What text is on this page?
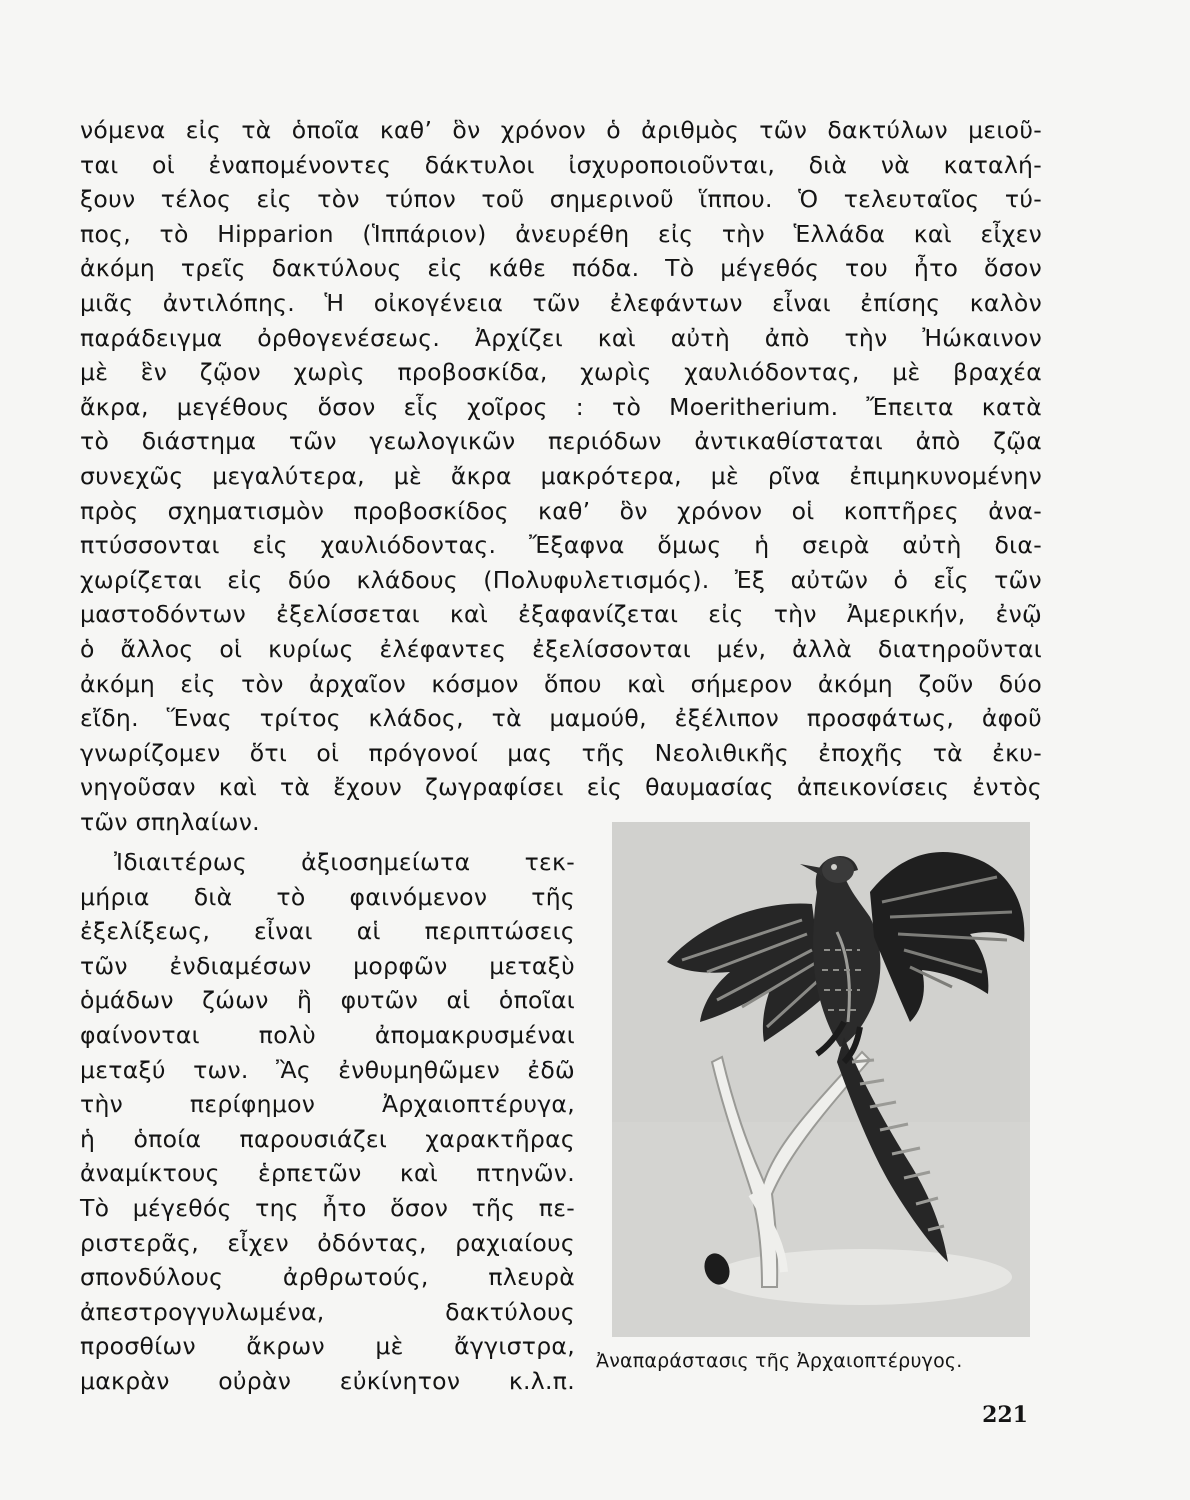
νόμενα εἰς τὰ ὁποῖα καθ’ ὃν χρόνον ὁ ἀριθμὸς τῶν δακτύλων μειοῦ-
ται οἱ ἐναπομένοντες δάκτυλοι ἰσχυροποιοῦνται, διὰ νὰ καταλή-
ξουν τέλος εἰς τὸν τύπον τοῦ σημερινοῦ ἵππου. Ὁ τελευταῖος τύ-
πος, τὸ Hipparion (Ἱππάριον) ἀνευρέθη εἰς τὴν Ἑλλάδα καὶ εἶχεν
ἀκόμη τρεῖς δακτύλους εἰς κάθε πόδα. Τὸ μέγεθός του ἦτο ὅσον
μιᾶς ἀντιλόπης. Ἡ οἰκογένεια τῶν ἐλεφάντων εἶναι ἐπίσης καλὸν
παράδειγμα ὀρθογενέσεως. Ἀρχίζει καὶ αὐτὴ ἀπὸ τὴν Ἠώκαινον
μὲ ἓν ζῷον χωρὶς προβοσκίδα, χωρὶς χαυλιόδοντας, μὲ βραχέα
ἄκρα, μεγέθους ὅσον εἷς χοῖρος : τὸ Moeritherium. Ἔπειτα κατὰ
τὸ διάστημα τῶν γεωλογικῶν περιόδων ἀντικαθίσταται ἀπὸ ζῷα
συνεχῶς μεγαλύτερα, μὲ ἄκρα μακρότερα, μὲ ρῖνα ἐπιμηκυνομένην
πρὸς σχηματισμὸν προβοσκίδος καθ’ ὃν χρόνον οἱ κοπτῆρες ἀνα-
πτύσσονται εἰς χαυλιόδοντας. Ἔξαφνα ὅμως ἡ σειρὰ αὐτὴ δια-
χωρίζεται εἰς δύο κλάδους (Πολυφυλετισμός). Ἐξ αὐτῶν ὁ εἷς τῶν
μαστοδόντων ἐξελίσσεται καὶ ἐξαφανίζεται εἰς τὴν Ἀμερικήν, ἐνῷ
ὁ ἄλλος οἱ κυρίως ἐλέφαντες ἐξελίσσονται μέν, ἀλλὰ διατηροῦνται
ἀκόμη εἰς τὸν ἀρχαῖον κόσμον ὅπου καὶ σήμερον ἀκόμη ζοῦν δύο
εἴδη. Ἕνας τρίτος κλάδος, τὰ μαμούθ, ἐξέλιπον προσφάτως, ἀφοῦ
γνωρίζομεν ὅτι οἱ πρόγονοί μας τῆς Νεολιθικῆς ἐποχῆς τὰ ἐκυ-
νηγοῦσαν καὶ τὰ ἔχουν ζωγραφίσει εἰς θαυμασίας ἀπεικονίσεις ἐντὸς
τῶν σπηλαίων.
Ἰδιαιτέρως ἀξιοσημείωτα τεκ-
μήρια διὰ τὸ φαινόμενον τῆς
ἐξελίξεως, εἶναι αἱ περιπτώσεις
τῶν ἐνδιαμέσων μορφῶν μεταξὺ
ὁμάδων ζώων ἢ φυτῶν αἱ ὁποῖαι
φαίνονται πολὺ ἀπομακρυσμέναι
μεταξύ των. Ἂς ἐνθυμηθῶμεν ἐδῶ
τὴν περίφημον Ἀρχαιοπτέρυγα,
ἡ ὁποία παρουσιάζει χαρακτῆρας
ἀναμίκτους ἑρπετῶν καὶ πτηνῶν.
Τὸ μέγεθός της ἦτο ὅσον τῆς πε-
ριστερᾶς, εἶχεν ὀδόντας, ραχιαίους
σπονδύλους ἀρθρωτούς, πλευρὰ
ἀπεστρογγυλωμένα, δακτύλους
προσθίων ἄκρων μὲ ἄγγιστρα,
μακρὰν οὐρὰν εὐκίνητον κ.λ.π.
Ἀναπαράστασις τῆς Ἀρχαιοπτέρυγος.
221
